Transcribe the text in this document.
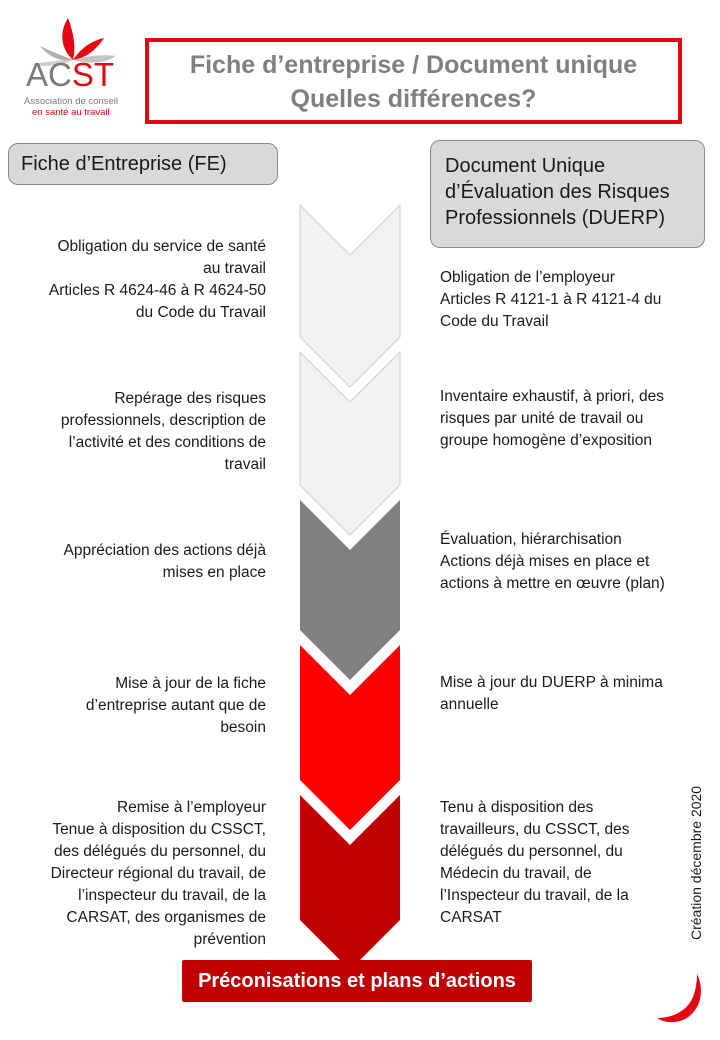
ACST
Association de conseil
en santé au travail
Fiche d’entreprise / Document unique
Quelles différences?
Fiche d’Entreprise (FE)	Document Unique
d’Évaluation des Risques
Professionnels (DUERP)
Obligation du service de santé
au travail
Articles R 4624-46 à R 4624-50
du Code du Travail
Obligation de l’employeur
Articles R 4121-1 à R 4121-4 du
Code du Travail
Repérage des risques
professionnels, description de
l’activité et des conditions de
travail
Inventaire exhaustif, à priori, des
risques par unité de travail ou
groupe homogène d’exposition
Appréciation des actions déjà
mises en place
Évaluation, hiérarchisation
Actions déjà mises en place et
actions à mettre en œuvre (plan)
Mise à jour de la fiche
d’entreprise autant que de
besoin
Mise à jour du DUERP à minima
annuelle
Remise à l’employeur
Tenue à disposition du CSSCT,
des délégués du personnel, du
Directeur régional du travail, de
l’inspecteur du travail, de la
CARSAT, des organismes de
prévention
Tenu à disposition des
travailleurs, du CSSCT, des
délégués du personnel, du
Médecin du travail, de
l’Inspecteur du travail, de la
CARSAT
Préconisations et plans d’actions
Création décembre 2020
